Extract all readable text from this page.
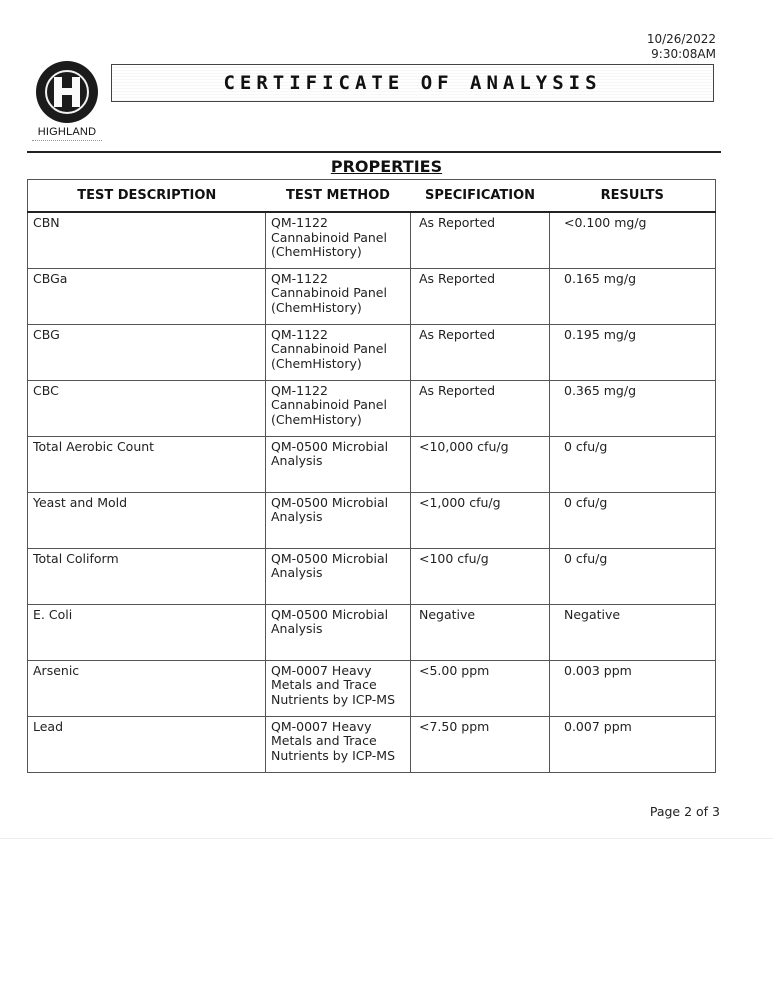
10/26/2022
9:30:08AM
HIGHLAND
CERTIFICATE OF ANALYSIS
PROPERTIES
TEST DESCRIPTION	TEST METHOD	SPECIFICATION	RESULTS
CBN	QM-1122
Cannabinoid Panel
(ChemHistory)	As Reported	<0.100 mg/g
CBGa	QM-1122
Cannabinoid Panel
(ChemHistory)	As Reported	0.165 mg/g
CBG	QM-1122
Cannabinoid Panel
(ChemHistory)	As Reported	0.195 mg/g
CBC	QM-1122
Cannabinoid Panel
(ChemHistory)	As Reported	0.365 mg/g
Total Aerobic Count	QM-0500 Microbial
Analysis	<10,000 cfu/g	0 cfu/g
Yeast and Mold	QM-0500 Microbial
Analysis	<1,000 cfu/g	0 cfu/g
Total Coliform	QM-0500 Microbial
Analysis	<100 cfu/g	0 cfu/g
E. Coli	QM-0500 Microbial
Analysis	Negative	Negative
Arsenic	QM-0007 Heavy
Metals and Trace
Nutrients by ICP-MS	<5.00 ppm	0.003 ppm
Lead	QM-0007 Heavy
Metals and Trace
Nutrients by ICP-MS	<7.50 ppm	0.007 ppm
Page 2 of 3
